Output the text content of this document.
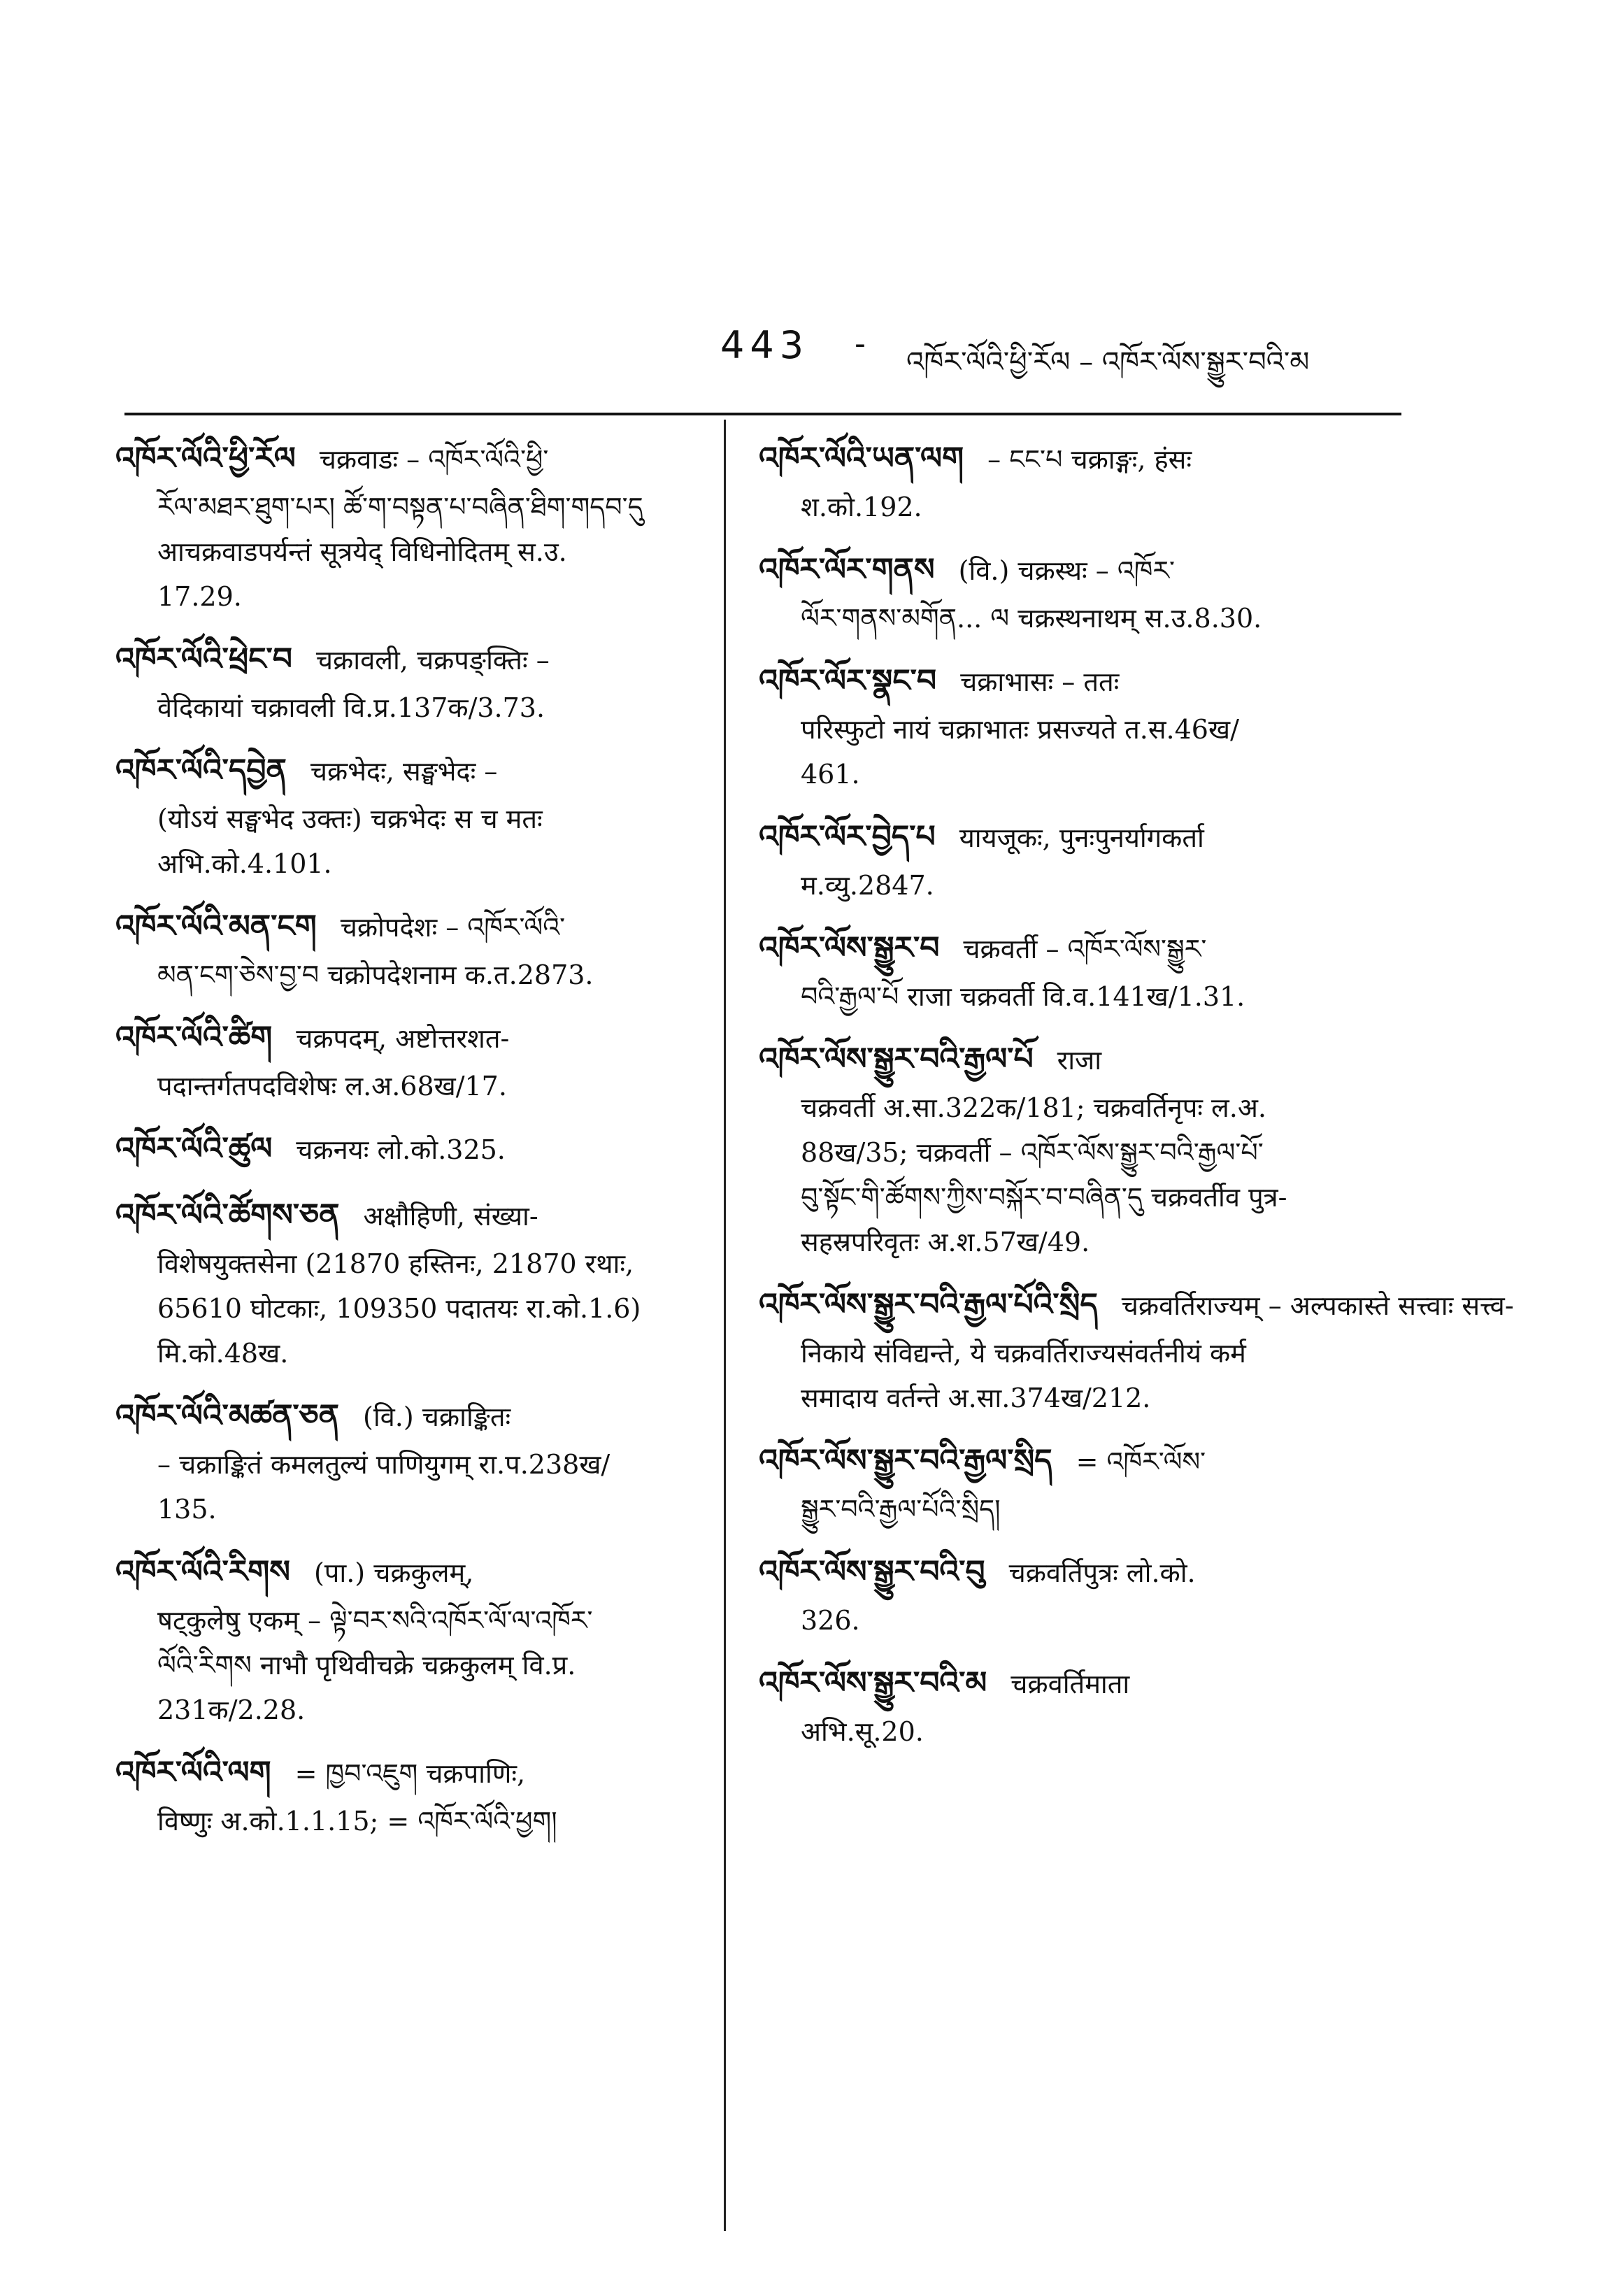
443 -
འཁོར་ལོའི་ཕྱི་རོལ – འཁོར་ལོས་སྒྱུར་བའི་མ
འཁོར་ལོའི་ཕྱི་རོལ चक्रवाडः – འཁོར་ལོའི་ཕྱི་
རོལ་མཐར་ཐུག་པར། ཚོ་ག་བསྟན་པ་བཞིན་ཐིག་གདབ་དུ
आचक्रवाडपर्यन्तं सूत्रयेद् विधिनोदितम् स.उ.
17.29.
འཁོར་ལོའི་ཕྲེང་བ चक्रावली, चक्रपङ्क्तिः –
वेदिकायां चक्रावली वि.प्र.137क/3.73.
འཁོར་ལོའི་དབྱེན चक्रभेदः, सङ्घभेदः –
(योऽयं सङ्घभेद उक्तः) चक्रभेदः स च मतः
अभि.को.4.101.
འཁོར་ལོའི་མན་ངག चक्रोपदेशः – འཁོར་ལོའི་
མན་ངག་ཅེས་བྱ་བ चक्रोपदेशनाम क.त.2873.
འཁོར་ལོའི་ཚིག चक्रपदम्, अष्टोत्तरशत-
पदान्तर्गतपदविशेषः ल.अ.68ख/17.
འཁོར་ལོའི་ཚུལ चक्रनयः लो.को.325.
འཁོར་ལོའི་ཚོགས་ཅན अक्षौहिणी, संख्या-
विशेषयुक्तसेना (21870 हस्तिनः, 21870 रथाः,
65610 घोटकाः, 109350 पदातयः रा.को.1.6)
मि.को.48ख.
འཁོར་ལོའི་མཚན་ཅན (वि.) चक्राङ्कितः
– चक्राङ्कितं कमलतुल्यं पाणियुगम् रा.प.238ख/
135.
འཁོར་ལོའི་རིགས (पा.) चक्रकुलम्,
षट्कुलेषु एकम् – ལྟེ་བར་སའི་འཁོར་ལོ་ལ་འཁོར་
ལོའི་རིགས नाभौ पृथिवीचक्रे चक्रकुलम् वि.प्र.
231क/2.28.
འཁོར་ལོའི་ལག = ཁྱབ་འཇུག चक्रपाणिः,
विष्णुः अ.को.1.1.15; = འཁོར་ལོའི་ཕྱག།
འཁོར་ལོའི་ཡན་ལག – ངང་པ चक्राङ्गः, हंसः
श.को.192.
འཁོར་ལོར་གནས (वि.) चक्रस्थः – འཁོར་
ལོར་གནས་མགོན... ལ चक्रस्थनाथम् स.उ.8.30.
འཁོར་ལོར་སྣང་བ चक्राभासः – ततः
परिस्फुटो नायं चक्राभातः प्रसज्यते त.स.46ख/
461.
འཁོར་ལོར་བྱེད་པ यायजूकः, पुनःपुनर्यागकर्ता
म.व्यु.2847.
འཁོར་ལོས་སྒྱུར་བ चक्रवर्ती – འཁོར་ལོས་སྒྱུར་
བའི་རྒྱལ་པོ राजा चक्रवर्ती वि.व.141ख/1.31.
འཁོར་ལོས་སྒྱུར་བའི་རྒྱལ་པོ राजा
चक्रवर्ती अ.सा.322क/181; चक्रवर्तिनृपः ल.अ.
88ख/35; चक्रवर्ती – འཁོར་ལོས་སྒྱུར་བའི་རྒྱལ་པོ་
བུ་སྟོང་གི་ཚོགས་ཀྱིས་བསྐོར་བ་བཞིན་དུ चक्रवर्तीव पुत्र-
सहस्रपरिवृतः अ.श.57ख/49.
འཁོར་ལོས་སྒྱུར་བའི་རྒྱལ་པོའི་སྲིད चक्रवर्तिराज्यम् – अल्पकास्ते सत्त्वाः सत्त्व-
निकाये संविद्यन्ते, ये चक्रवर्तिराज्यसंवर्तनीयं कर्म
समादाय वर्तन्ते अ.सा.374ख/212.
འཁོར་ལོས་སྒྱུར་བའི་རྒྱལ་སྲིད = འཁོར་ལོས་
སྒྱུར་བའི་རྒྱལ་པོའི་སྲིད།
འཁོར་ལོས་སྒྱུར་བའི་བུ चक्रवर्तिपुत्रः लो.को.
326.
འཁོར་ལོས་སྒྱུར་བའི་མ चक्रवर्तिमाता
अभि.सू.20.
